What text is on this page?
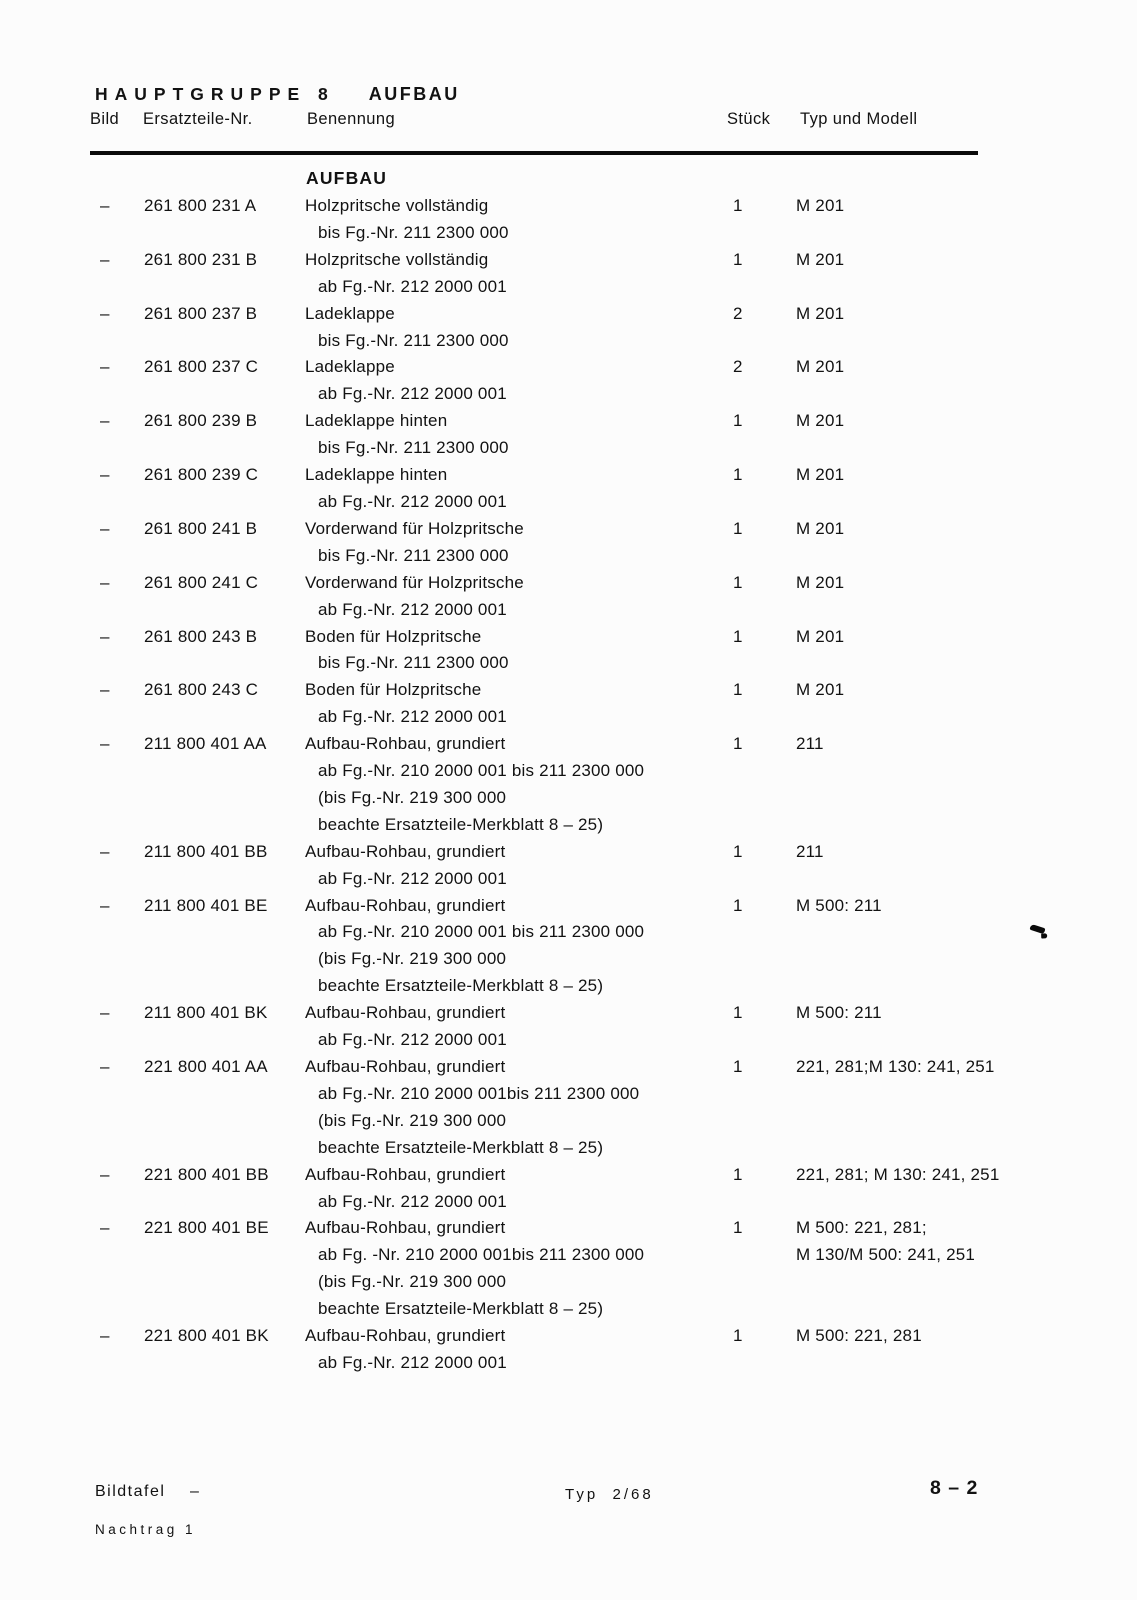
HAUPTGRUPPE 8 AUFBAU
Bild Ersatzteile-Nr.	Benennung	Stück Typ und Modell
AUFBAU
–	261 800 231 A	Holzpritsche vollständig
bis Fg.-Nr. 211 2300 000
1	M 201
–	261 800 231 B	Holzpritsche vollständig
ab Fg.-Nr. 212 2000 001
1	M 201
–	261 800 237 B	Ladeklappe
bis Fg.-Nr. 211 2300 000
2	M 201
–	261 800 237 C	Ladeklappe
ab Fg.-Nr. 212 2000 001
2	M 201
–	261 800 239 B	Ladeklappe hinten
bis Fg.-Nr. 211 2300 000
1	M 201
–	261 800 239 C	Ladeklappe hinten
ab Fg.-Nr. 212 2000 001
1	M 201
–	261 800 241 B	Vorderwand für Holzpritsche
bis Fg.-Nr. 211 2300 000
1	M 201
–	261 800 241 C	Vorderwand für Holzpritsche
ab Fg.-Nr. 212 2000 001
1	M 201
–	261 800 243 B	Boden für Holzpritsche
bis Fg.-Nr. 211 2300 000
1	M 201
–	261 800 243 C	Boden für Holzpritsche
ab Fg.-Nr. 212 2000 001
1	M 201
–	211 800 401 AA	Aufbau-Rohbau, grundiert
ab Fg.-Nr. 210 2000 001 bis 211 2300 000
(bis Fg.-Nr. 219 300 000
beachte Ersatzteile-Merkblatt 8 – 25)
1	211
–	211 800 401 BB	Aufbau-Rohbau, grundiert
ab Fg.-Nr. 212 2000 001
1	211
–	211 800 401 BE	Aufbau-Rohbau, grundiert
ab Fg.-Nr. 210 2000 001 bis 211 2300 000
(bis Fg.-Nr. 219 300 000
beachte Ersatzteile-Merkblatt 8 – 25)
1	M 500: 211
–	211 800 401 BK	Aufbau-Rohbau, grundiert
ab Fg.-Nr. 212 2000 001
1	M 500: 211
–	221 800 401 AA	Aufbau-Rohbau, grundiert
ab Fg.-Nr. 210 2000 001bis 211 2300 000
(bis Fg.-Nr. 219 300 000
beachte Ersatzteile-Merkblatt 8 – 25)
1	221, 281;M 130: 241, 251
–	221 800 401 BB	Aufbau-Rohbau, grundiert
ab Fg.-Nr. 212 2000 001
1	221, 281; M 130: 241, 251
–	221 800 401 BE	Aufbau-Rohbau, grundiert
ab Fg. -Nr. 210 2000 001bis 211 2300 000
(bis Fg.-Nr. 219 300 000
beachte Ersatzteile-Merkblatt 8 – 25)
1	M 500: 221, 281;
M 130/M 500: 241, 251
–	221 800 401 BK	Aufbau-Rohbau, grundiert
ab Fg.-Nr. 212 2000 001
1	M 500: 221, 281
Bildtafel –	Typ  2/68	8 – 2
Nachtrag 1
